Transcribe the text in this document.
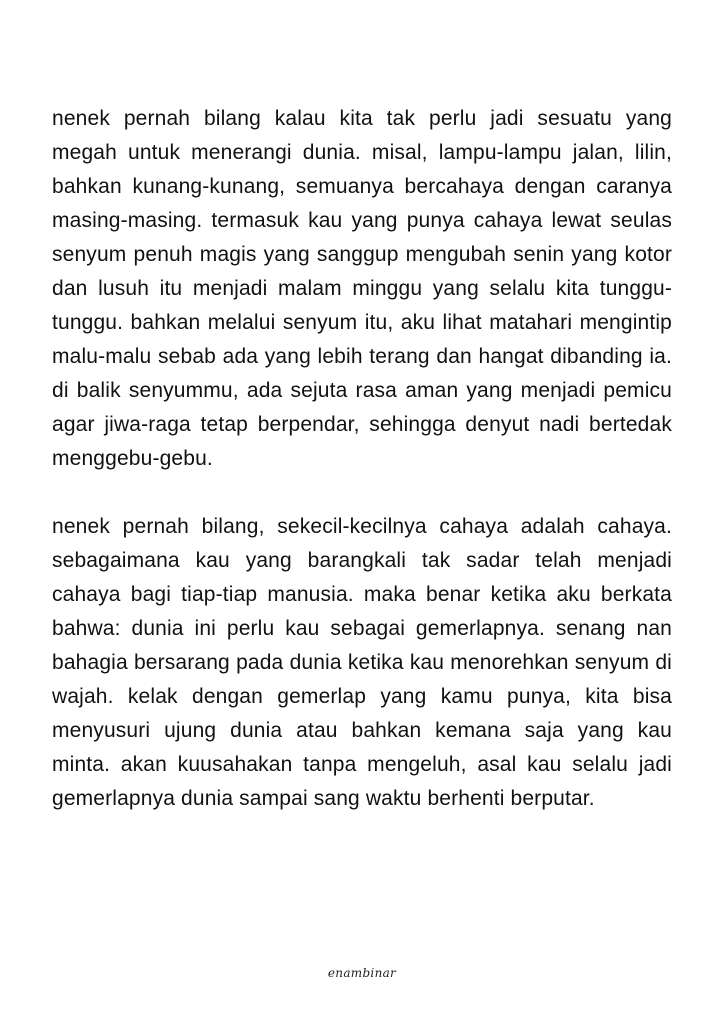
nenek pernah bilang kalau kita tak perlu jadi sesuatu yang megah untuk menerangi dunia. misal, lampu-lampu jalan, lilin, bahkan kunang-kunang, semuanya bercahaya dengan caranya masing-masing. termasuk kau yang punya cahaya lewat seulas senyum penuh magis yang sanggup mengubah senin yang kotor dan lusuh itu menjadi malam minggu yang selalu kita tunggu-tunggu. bahkan melalui senyum itu, aku lihat matahari mengintip malu-malu sebab ada yang lebih terang dan hangat dibanding ia. di balik senyummu, ada sejuta rasa aman yang menjadi pemicu agar jiwa-raga tetap berpendar, sehingga denyut nadi bertedak menggebu-gebu.

nenek pernah bilang, sekecil-kecilnya cahaya adalah cahaya. sebagaimana kau yang barangkali tak sadar telah menjadi cahaya bagi tiap-tiap manusia. maka benar ketika aku berkata bahwa: dunia ini perlu kau sebagai gemerlapnya. senang nan bahagia bersarang pada dunia ketika kau menorehkan senyum di wajah. kelak dengan gemerlap yang kamu punya, kita bisa menyusuri ujung dunia atau bahkan kemana saja yang kau minta. akan kuusahakan tanpa mengeluh, asal kau selalu jadi gemerlapnya dunia sampai sang waktu berhenti berputar.

enambinar
